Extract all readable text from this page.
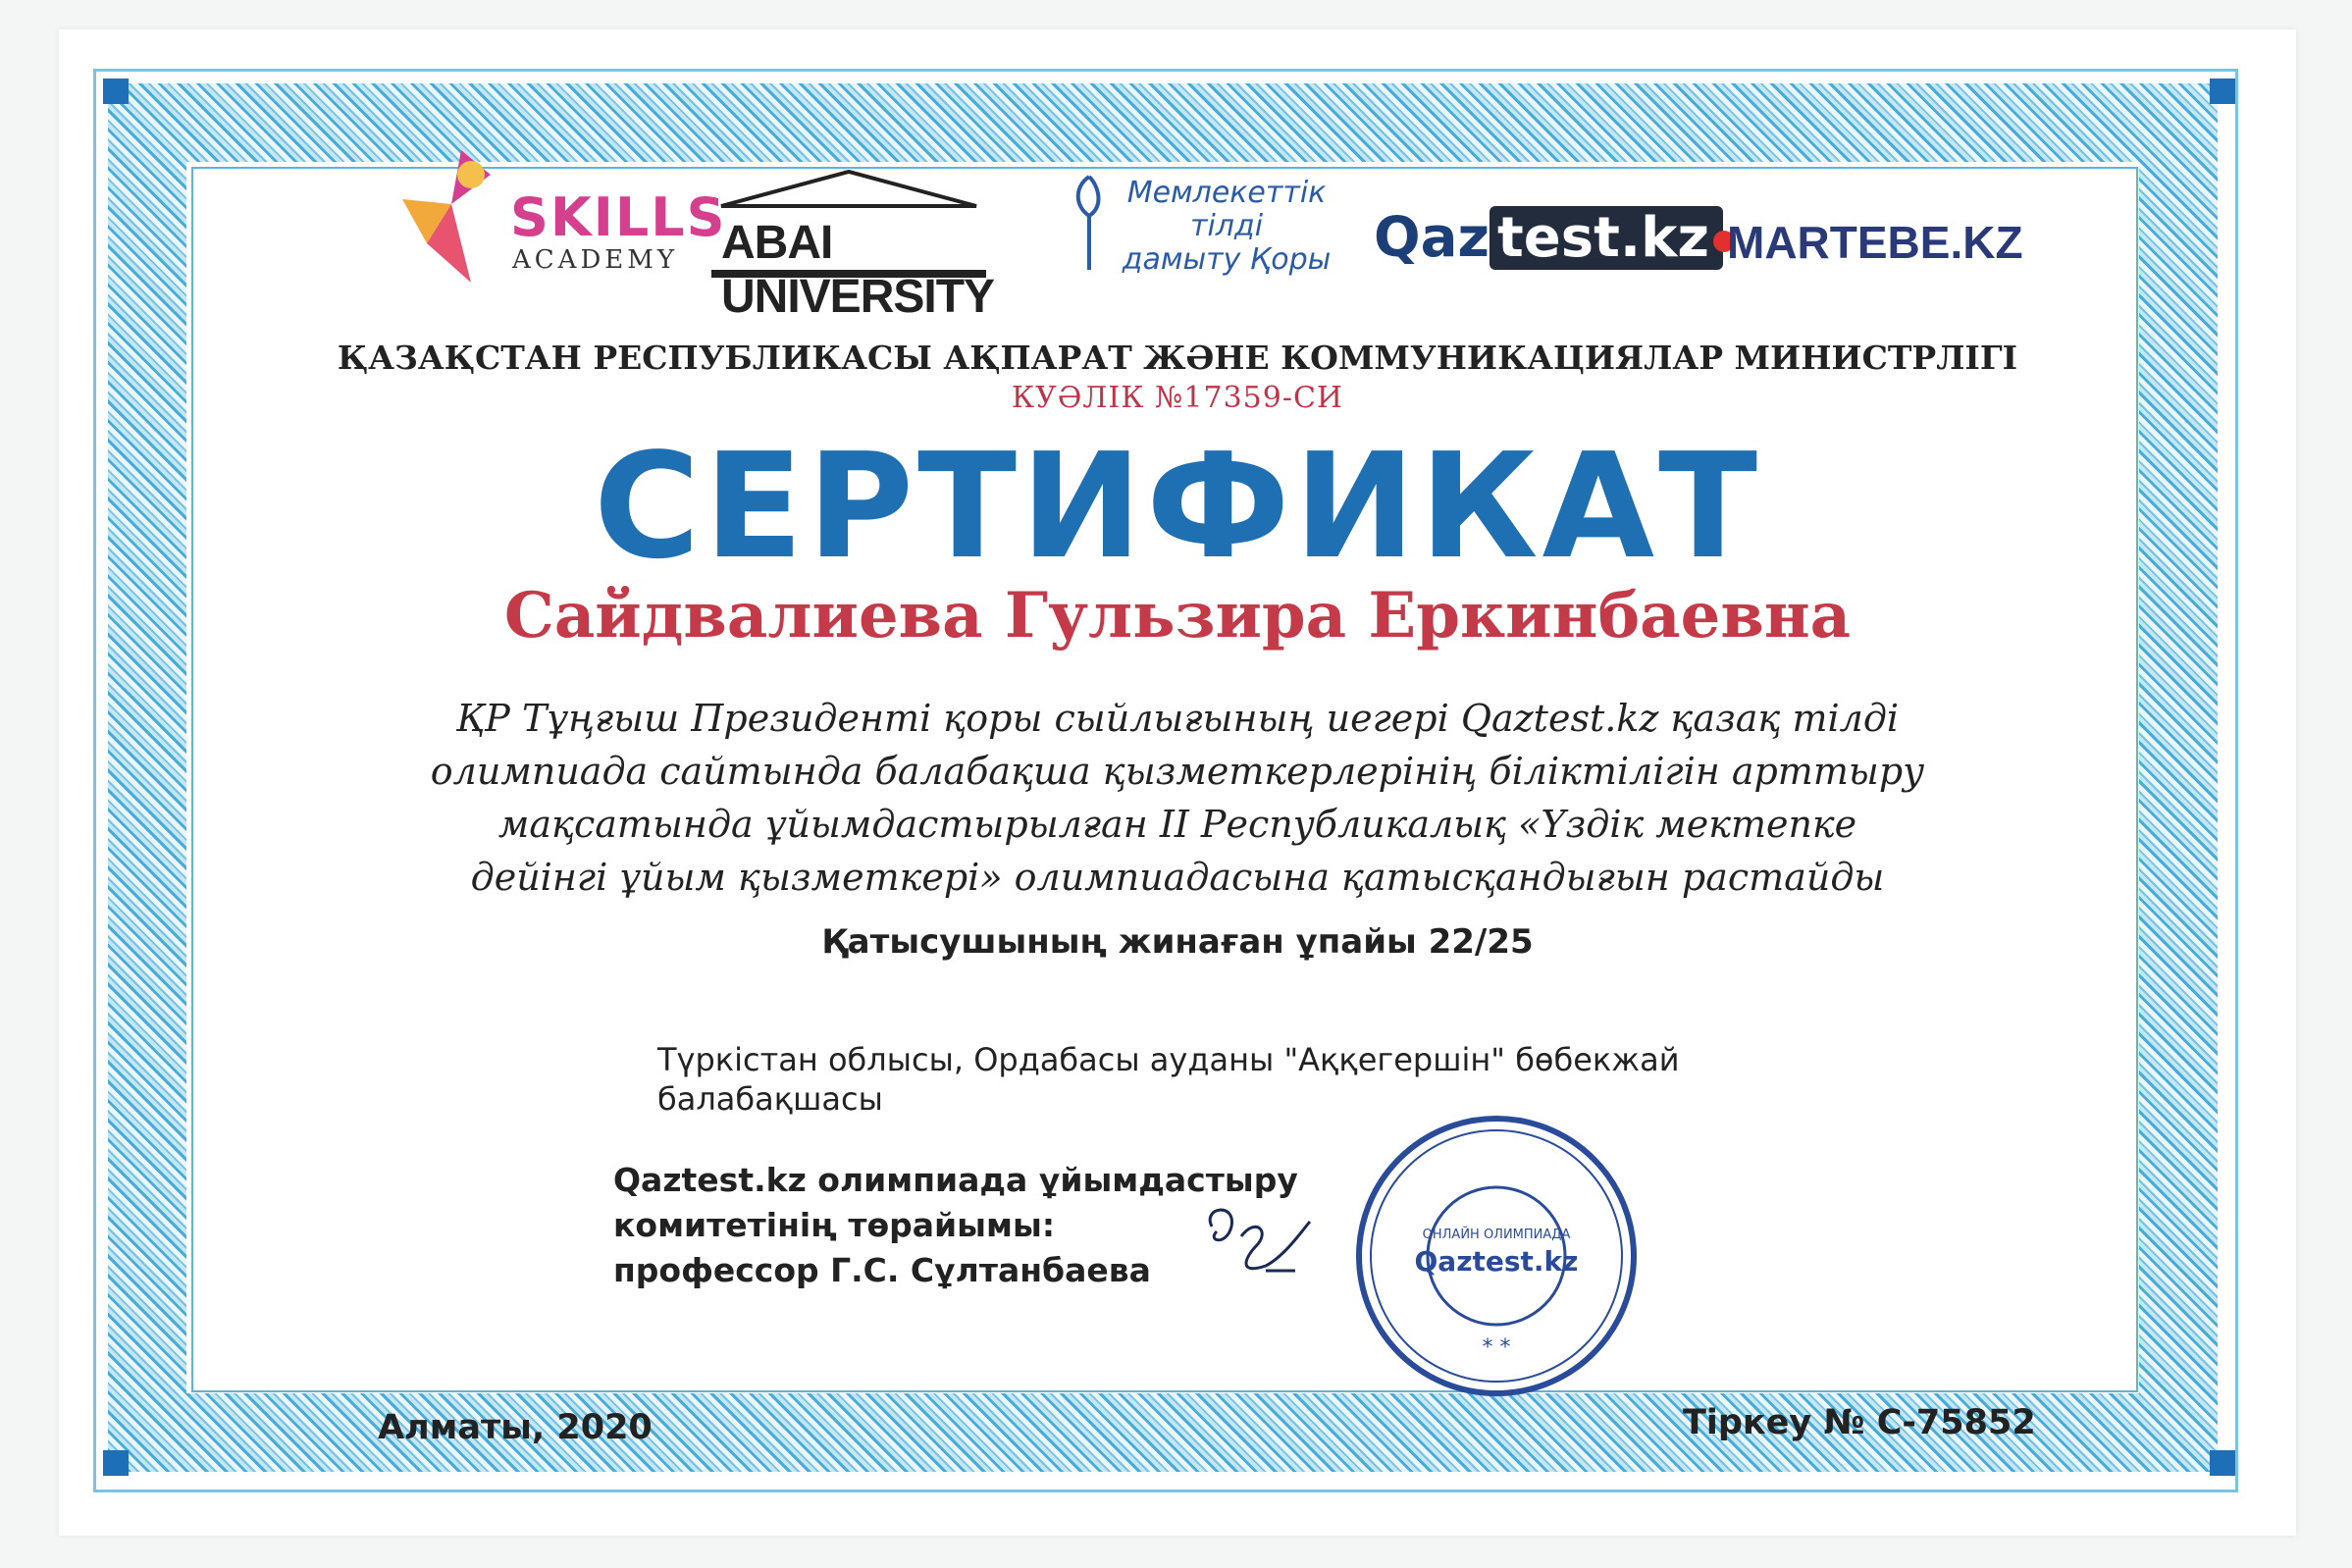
SKILLS
ACADEMY ABAI UNIVERSITY
Мемлекеттік
тілді
дамыту Қоры Qaz test.kz MARTEBE.KZ
ҚАЗАҚСТАН РЕСПУБЛИКАСЫ АҚПАРАТ ЖӘНЕ КОММУНИКАЦИЯЛАР МИНИСТРЛІГІ
КУӘЛІК №17359-СИ
СЕРТИФИКАТ
Сайдвалиева Гульзира Еркинбаевна
ҚР Тұңғыш Президенті қоры сыйлығының иегері Qaztest.kz қазақ тілді
олимпиада сайтында балабақша қызметкерлерінің біліктілігін арттыру
мақсатында ұйымдастырылған II Республикалық «Үздік мектепке
дейінгі ұйым қызметкері» олимпиадасына қатысқандығын растайды
Қатысушының жинаған ұпайы 22/25
Түркістан облысы, Ордабасы ауданы "Аққегершін" бөбекжай
балабақшасы
Qaztest.kz олимпиада ұйымдастыру
комитетінің төрайымы:
профессор Г.С. Сұлтанбаева
ОНЛАЙН ОЛИМПИАДА
Qaztest.kz
* *
Алматы, 2020	Тіркеу № С-75852
